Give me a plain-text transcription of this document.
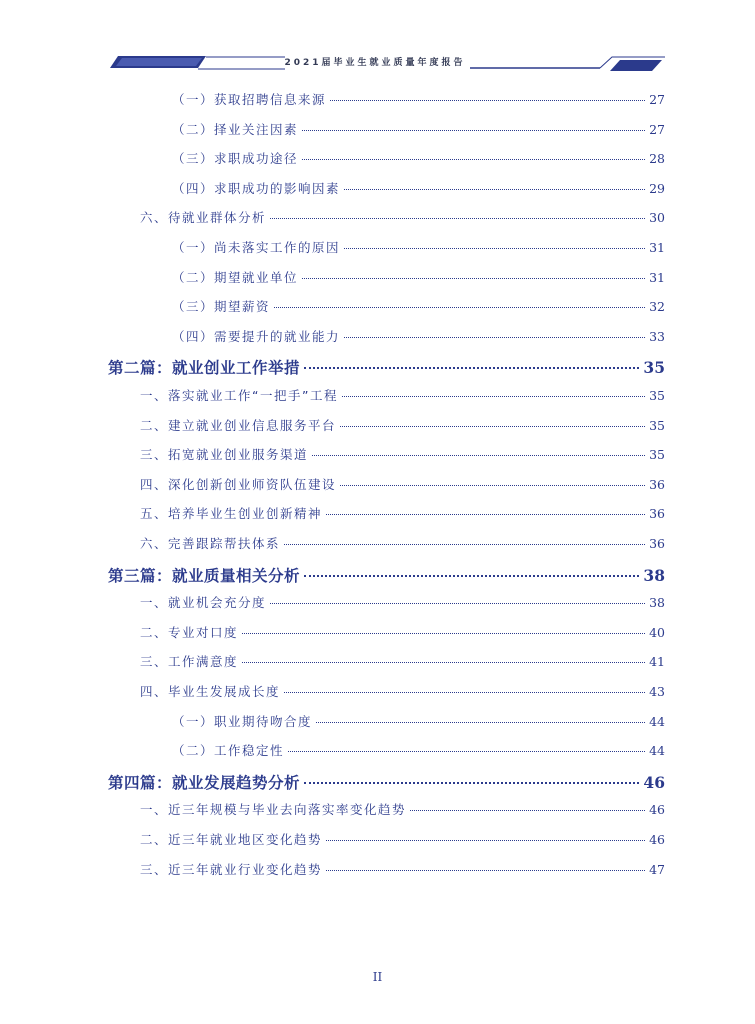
2021届毕业生就业质量年度报告
（一）获取招聘信息来源	27
（二）择业关注因素	27
（三）求职成功途径	28
（四）求职成功的影响因素	29
六、待就业群体分析	30
（一）尚未落实工作的原因	31
（二）期望就业单位	31
（三）期望薪资	32
（四）需要提升的就业能力	33
第二篇：就业创业工作举措	35
一、落实就业工作“一把手”工程	35
二、建立就业创业信息服务平台	35
三、拓宽就业创业服务渠道	35
四、深化创新创业师资队伍建设	36
五、培养毕业生创业创新精神	36
六、完善跟踪帮扶体系	36
第三篇：就业质量相关分析	38
一、就业机会充分度	38
二、专业对口度	40
三、工作满意度	41
四、毕业生发展成长度	43
（一）职业期待吻合度	44
（二）工作稳定性	44
第四篇：就业发展趋势分析	46
一、近三年规模与毕业去向落实率变化趋势	46
二、近三年就业地区变化趋势	46
三、近三年就业行业变化趋势	47
II
